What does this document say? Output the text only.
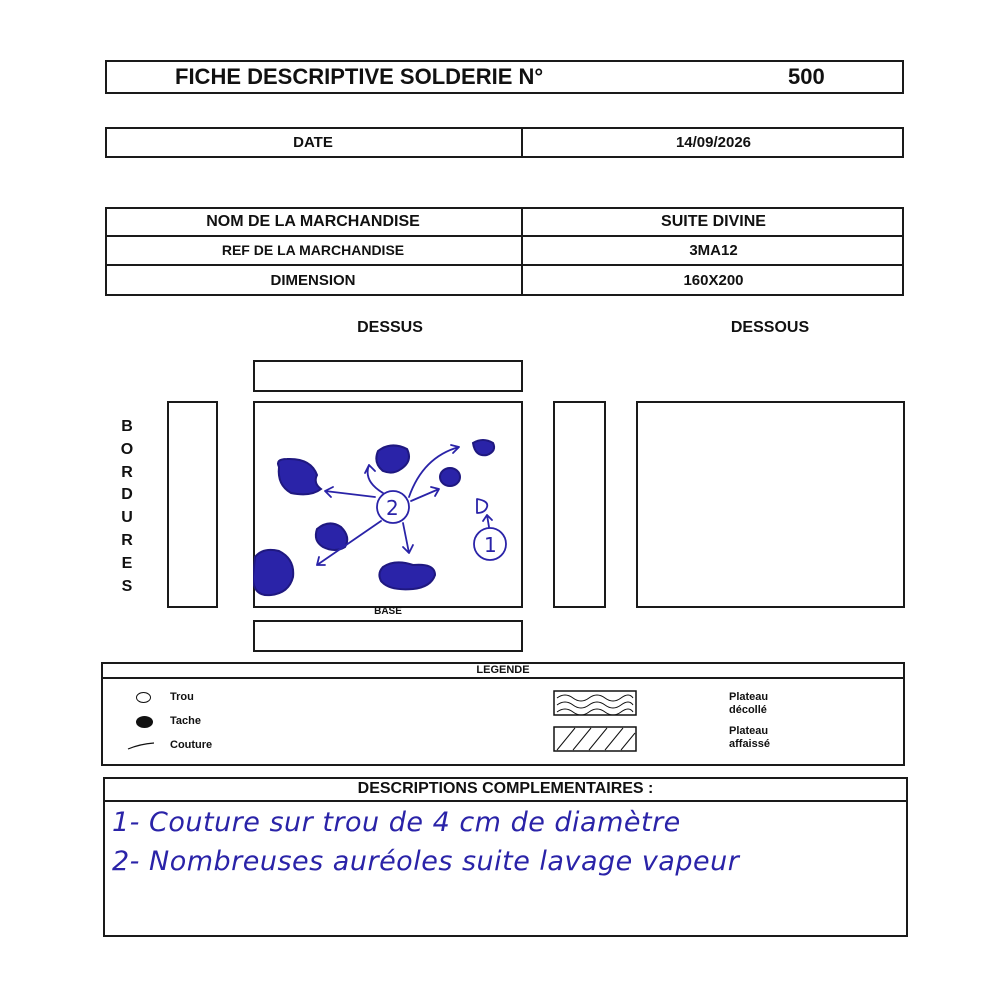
FICHE DESCRIPTIVE SOLDERIE N°	500
DATE	14/09/2026
NOM DE LA MARCHANDISE	SUITE DIVINE
REF DE LA MARCHANDISE	3MA12
DIMENSION	160X200
DESSUS	DESSOUS
B
O
R
D
U
R
E
S
BASE
2
1
LEGENDE
Trou
Tache
Couture
Plateau
décollé
Plateau
affaissé
DESCRIPTIONS COMPLEMENTAIRES :
1- Couture sur trou de 4 cm de diamètre
2- Nombreuses auréoles suite lavage vapeur
